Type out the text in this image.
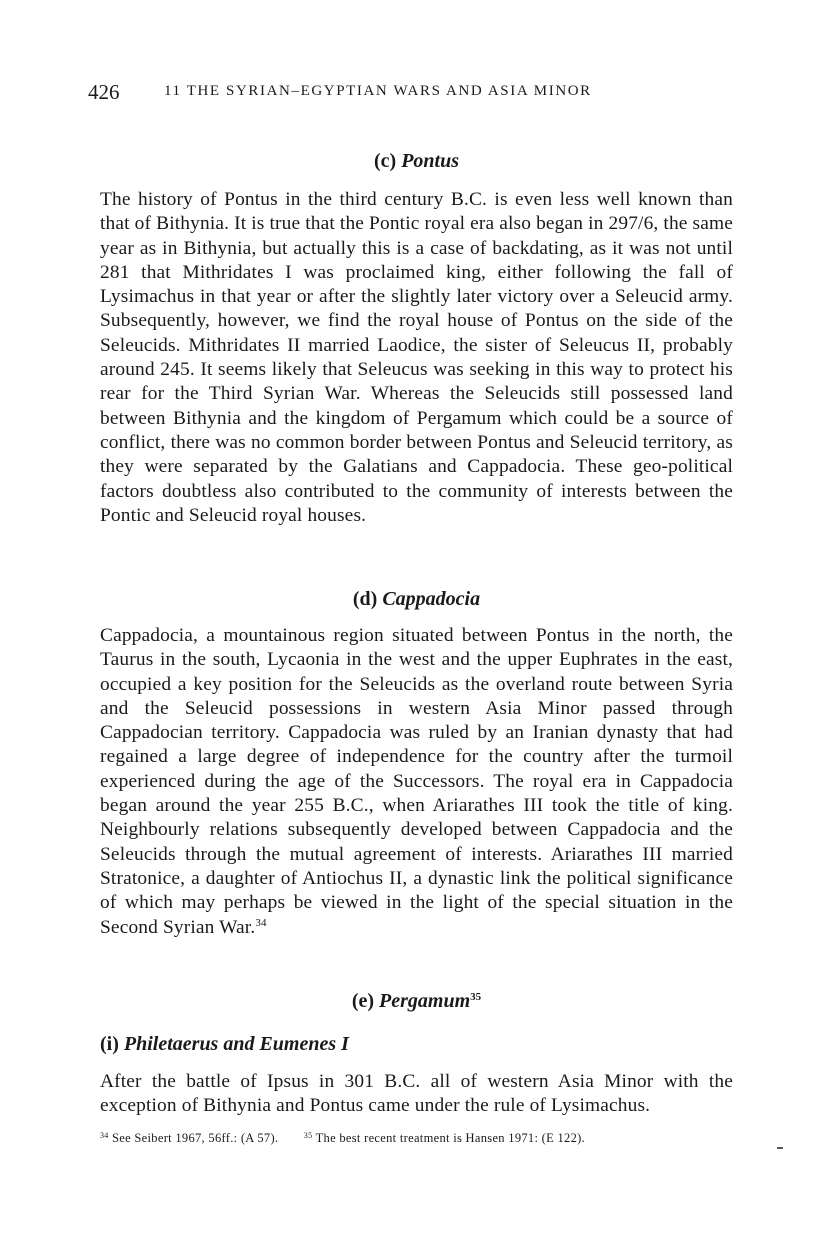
426	11 THE SYRIAN–EGYPTIAN WARS AND ASIA MINOR
(c) Pontus

The history of Pontus in the third century B.C. is even less well known than that of Bithynia. It is true that the Pontic royal era also began in 297/6, the same year as in Bithynia, but actually this is a case of backdating, as it was not until 281 that Mithridates I was proclaimed king, either following the fall of Lysimachus in that year or after the slightly later victory over a Seleucid army. Subsequently, however, we find the royal house of Pontus on the side of the Seleucids. Mithridates II married Laodice, the sister of Seleucus II, probably around 245. It seems likely that Seleucus was seeking in this way to protect his rear for the Third Syrian War. Whereas the Seleucids still possessed land between Bithynia and the kingdom of Pergamum which could be a source of conflict, there was no common border between Pontus and Seleucid territory, as they were separated by the Galatians and Cappadocia. These geo-political factors doubtless also contributed to the community of interests between the Pontic and Seleucid royal houses.

(d) Cappadocia

Cappadocia, a mountainous region situated between Pontus in the north, the Taurus in the south, Lycaonia in the west and the upper Euphrates in the east, occupied a key position for the Seleucids as the overland route between Syria and the Seleucid possessions in western Asia Minor passed through Cappadocian territory. Cappadocia was ruled by an Iranian dynasty that had regained a large degree of independence for the country after the turmoil experienced during the age of the Successors. The royal era in Cappadocia began around the year 255 B.C., when Ariarathes III took the title of king. Neighbourly relations subsequently developed between Cappadocia and the Seleucids through the mutual agreement of interests. Ariarathes III married Stratonice, a daughter of Antiochus II, a dynastic link the political significance of which may perhaps be viewed in the light of the special situation in the Second Syrian War.$^{34}$

(e) Pergamum$^{35}$
(i) Philetaerus and Eumenes I

After the battle of Ipsus in 301 B.C. all of western Asia Minor with the exception of Bithynia and Pontus came under the rule of Lysimachus.

$^{34}$ See Seibert 1967, 56ff.: (A 57).	$^{35}$ The best recent treatment is Hansen 1971: (E 122).
